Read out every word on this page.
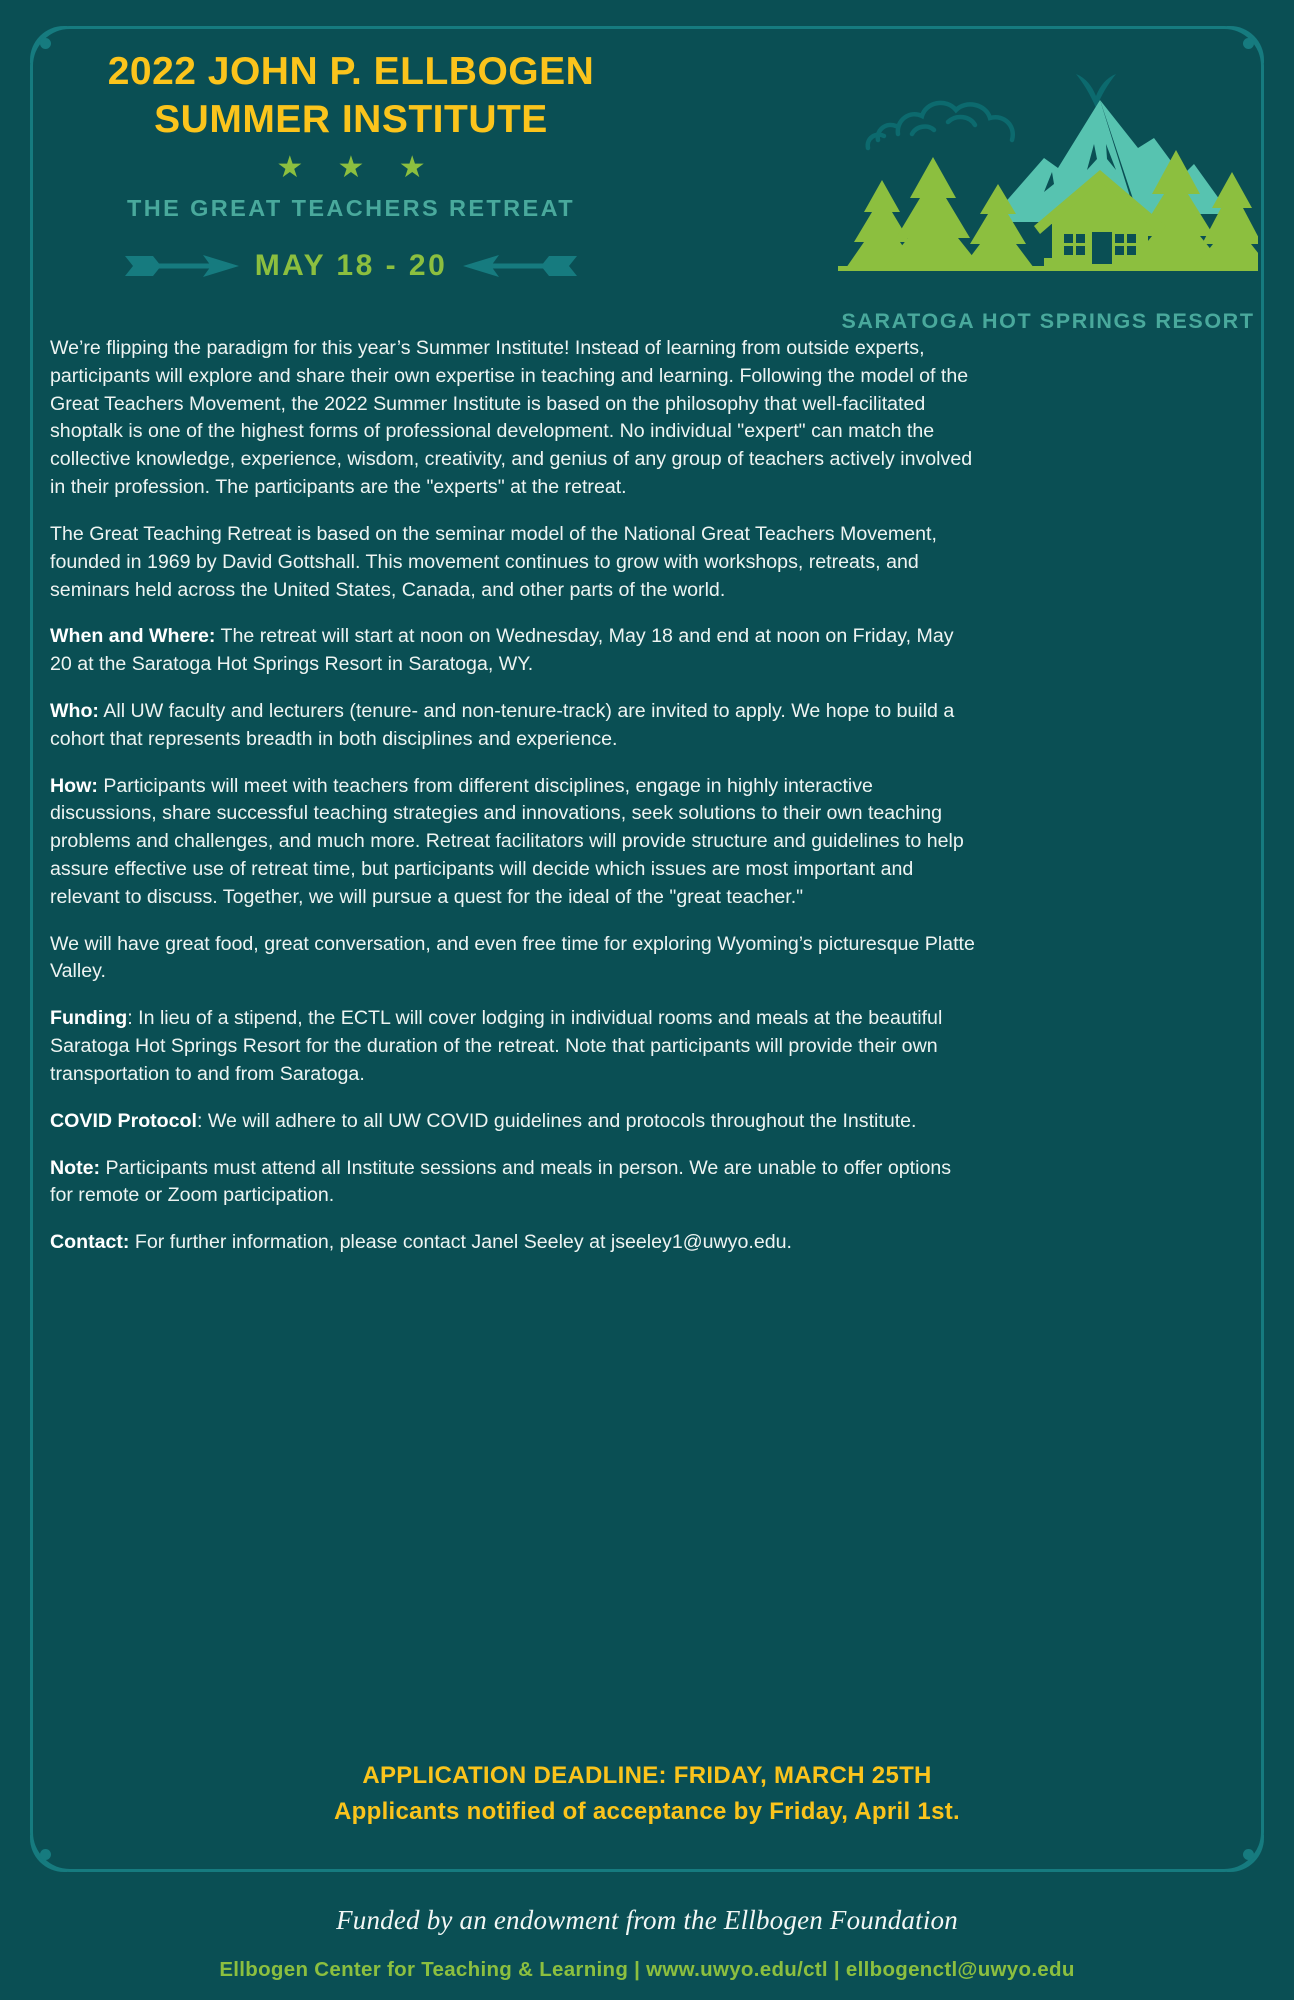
2022 JOHN P. ELLBOGEN
SUMMER INSTITUTE
★ ★ ★
THE GREAT TEACHERS RETREAT
MAY 18 - 20
SARATOGA HOT SPRINGS RESORT

We’re flipping the paradigm for this year’s Summer Institute! Instead of learning from outside experts, participants will explore and share their own expertise in teaching and learning. Following the model of the Great Teachers Movement, the 2022 Summer Institute is based on the philosophy that well-facilitated shoptalk is one of the highest forms of professional development. No individual "expert" can match the collective knowledge, experience, wisdom, creativity, and genius of any group of teachers actively involved in their profession. The participants are the "experts" at the retreat.

The Great Teaching Retreat is based on the seminar model of the National Great Teachers Movement, founded in 1969 by David Gottshall. This movement continues to grow with workshops, retreats, and seminars held across the United States, Canada, and other parts of the world.

When and Where: The retreat will start at noon on Wednesday, May 18 and end at noon on Friday, May 20 at the Saratoga Hot Springs Resort in Saratoga, WY.

Who: All UW faculty and lecturers (tenure- and non-tenure-track) are invited to apply. We hope to build a cohort that represents breadth in both disciplines and experience.

How: Participants will meet with teachers from different disciplines, engage in highly interactive discussions, share successful teaching strategies and innovations, seek solutions to their own teaching problems and challenges, and much more. Retreat facilitators will provide structure and guidelines to help assure effective use of retreat time, but participants will decide which issues are most important and relevant to discuss. Together, we will pursue a quest for the ideal of the "great teacher."

We will have great food, great conversation, and even free time for exploring Wyoming’s picturesque Platte Valley.

Funding: In lieu of a stipend, the ECTL will cover lodging in individual rooms and meals at the beautiful Saratoga Hot Springs Resort for the duration of the retreat. Note that participants will provide their own transportation to and from Saratoga.

COVID Protocol: We will adhere to all UW COVID guidelines and protocols throughout the Institute.

Note: Participants must attend all Institute sessions and meals in person. We are unable to offer options for remote or Zoom participation.

Contact: For further information, please contact Janel Seeley at jseeley1@uwyo.edu.

APPLICATION DEADLINE: FRIDAY, MARCH 25TH
Applicants notified of acceptance by Friday, April 1st.
Funded by an endowment from the Ellbogen Foundation
Ellbogen Center for Teaching & Learning | www.uwyo.edu/ctl | ellbogenctl@uwyo.edu
